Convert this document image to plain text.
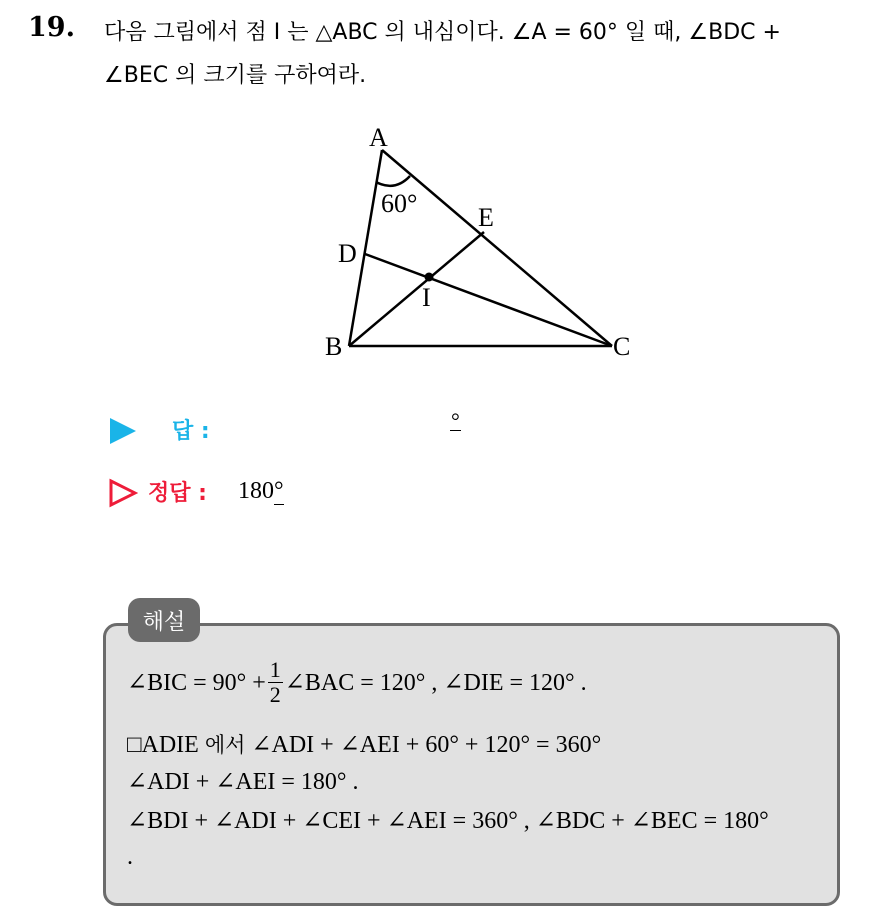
19. 다음 그림에서 점 I 는 △ABC 의 내심이다. ∠A = 60° 일 때, ∠BDC +
∠BEC 의 크기를 구하여라.
A
60° E
D
I
B	C
답 :	°
정답 : 180°
해설
∠BIC = $90^\circ + \frac{1}{2}$ ∠BAC = 120° , ∠DIE = 120° .
□ADIE 에서 ∠ADI + ∠AEI + 60° + 120° = 360°
∠ADI + ∠AEI = 180° .
∠BDI + ∠ADI + ∠CEI + ∠AEI = 360° , ∠BDC + ∠BEC = 180°
.
